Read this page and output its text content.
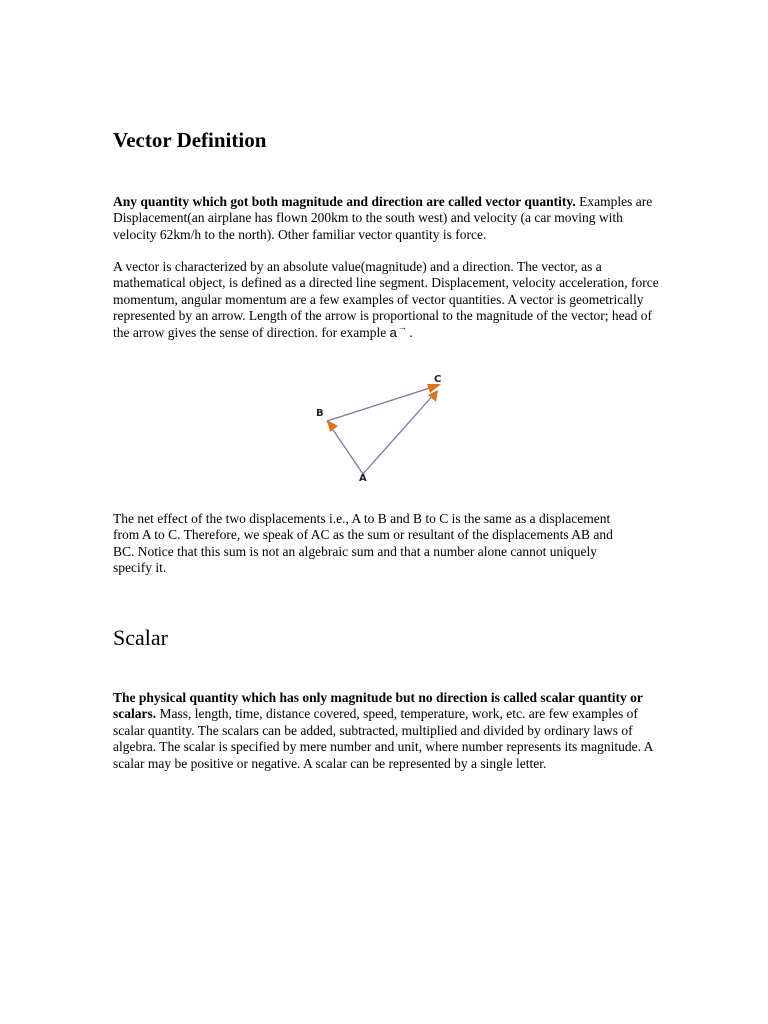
Vector Definition

Any quantity which got both magnitude and direction are called vector quantity. Examples are Displacement(an airplane has flown 200km to the south west) and velocity (a car moving with velocity 62km/h to the north). Other familiar vector quantity is force.

A vector is characterized by an absolute value(magnitude) and a direction. The vector, as a mathematical object, is defined as a directed line segment. Displacement, velocity acceleration, force momentum, angular momentum are a few examples of vector quantities. A vector is geometrically represented by an arrow. Length of the arrow is proportional to the magnitude of the vector; head of the arrow gives the sense of direction. for example a→ .

A
B
C

The net effect of the two displacements i.e., A to B and B to C is the same as a displacement from A to C. Therefore, we speak of AC as the sum or resultant of the displacements AB and BC. Notice that this sum is not an algebraic sum and that a number alone cannot uniquely specify it.

Scalar

The physical quantity which has only magnitude but no direction is called scalar quantity or scalars. Mass, length, time, distance covered, speed, temperature, work, etc. are few examples of scalar quantity. The scalars can be added, subtracted, multiplied and divided by ordinary laws of algebra. The scalar is specified by mere number and unit, where number represents its magnitude. A scalar may be positive or negative. A scalar can be represented by a single letter.
